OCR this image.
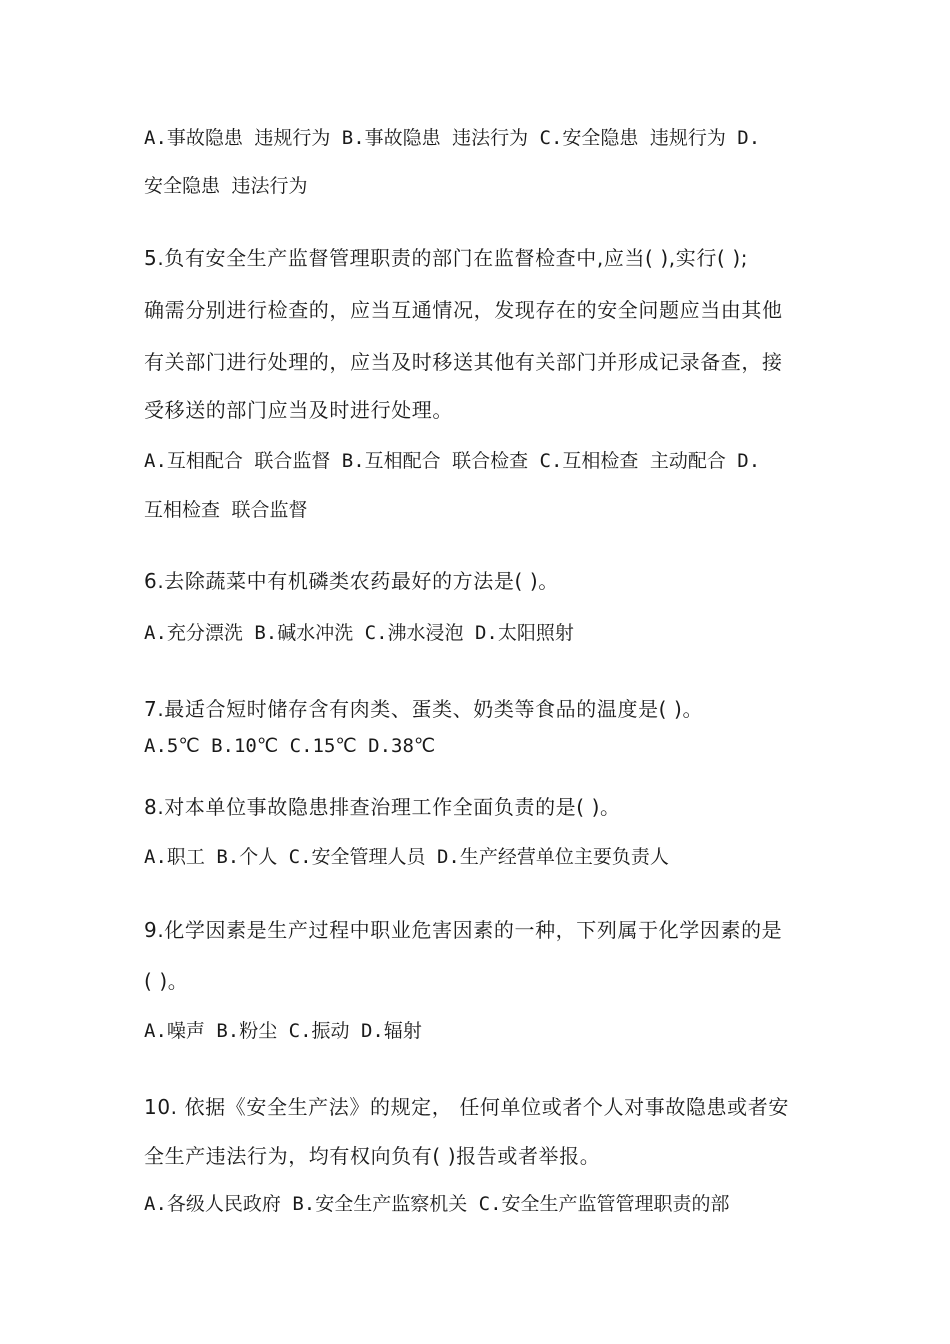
A.事故隐患 违规行为 B.事故隐患 违法行为 C.安全隐患 违规行为 D.
安全隐患 违法行为
5.负有安全生产监督管理职责的部门在监督检查中,应当( ),实行( );
确需分别进行检查的，应当互通情况，发现存在的安全问题应当由其他
有关部门进行处理的，应当及时移送其他有关部门并形成记录备查，接
受移送的部门应当及时进行处理。
A.互相配合 联合监督 B.互相配合 联合检查 C.互相检查 主动配合 D.
互相检查 联合监督
6.去除蔬菜中有机磷类农药最好的方法是( )。
A.充分漂洗 B.碱水冲洗 C.沸水浸泡 D.太阳照射
7.最适合短时储存含有肉类、蛋类、奶类等食品的温度是( )。
A.5℃ B.10℃ C.15℃ D.38℃
8.对本单位事故隐患排查治理工作全面负责的是( )。
A.职工 B.个人 C.安全管理人员 D.生产经营单位主要负责人
9.化学因素是生产过程中职业危害因素的一种，下列属于化学因素的是
( )。
A.噪声 B.粉尘 C.振动 D.辐射
10. 依据《安全生产法》的规定， 任何单位或者个人对事故隐患或者安
全生产违法行为，均有权向负有( )报告或者举报。
A.各级人民政府 B.安全生产监察机关 C.安全生产监管管理职责的部
